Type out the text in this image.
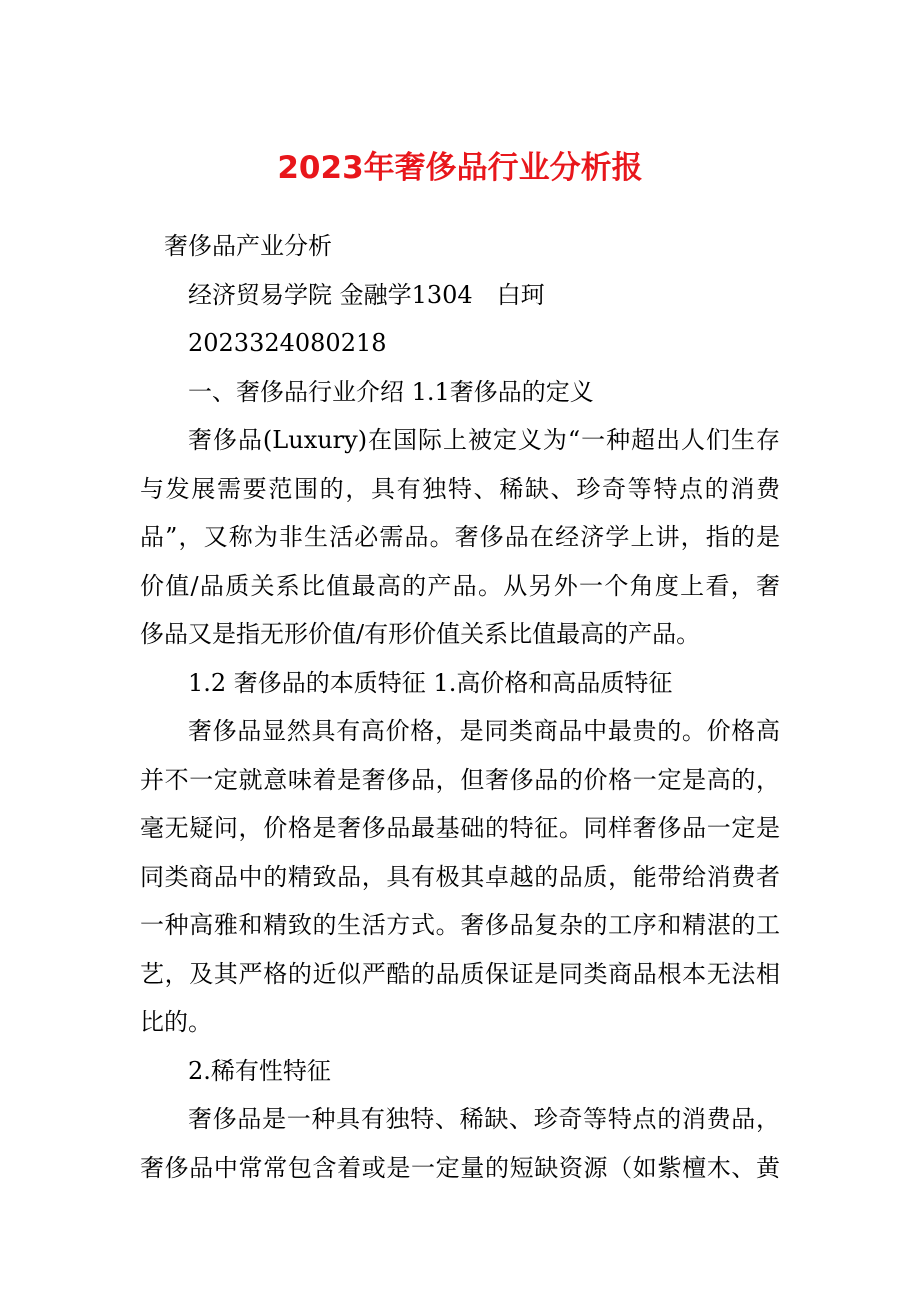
2023年奢侈品行业分析报

奢侈品产业分析

经济贸易学院 金融学1304　白珂

2023324080218

一、奢侈品行业介绍 1.1奢侈品的定义

奢侈品(Luxury)在国际上被定义为“一种超出人们生存

与发展需要范围的，具有独特、稀缺、珍奇等特点的消费

品”，又称为非生活必需品。奢侈品在经济学上讲，指的是

价值/品质关系比值最高的产品。从另外一个角度上看，奢

侈品又是指无形价值/有形价值关系比值最高的产品。

1.2 奢侈品的本质特征 1.高价格和高品质特征

奢侈品显然具有高价格，是同类商品中最贵的。价格高

并不一定就意味着是奢侈品，但奢侈品的价格一定是高的，

毫无疑问，价格是奢侈品最基础的特征。同样奢侈品一定是

同类商品中的精致品，具有极其卓越的品质，能带给消费者

一种高雅和精致的生活方式。奢侈品复杂的工序和精湛的工

艺，及其严格的近似严酷的品质保证是同类商品根本无法相

比的。

2.稀有性特征

奢侈品是一种具有独特、稀缺、珍奇等特点的消费品，

奢侈品中常常包含着或是一定量的短缺资源（如紫檀木、黄
